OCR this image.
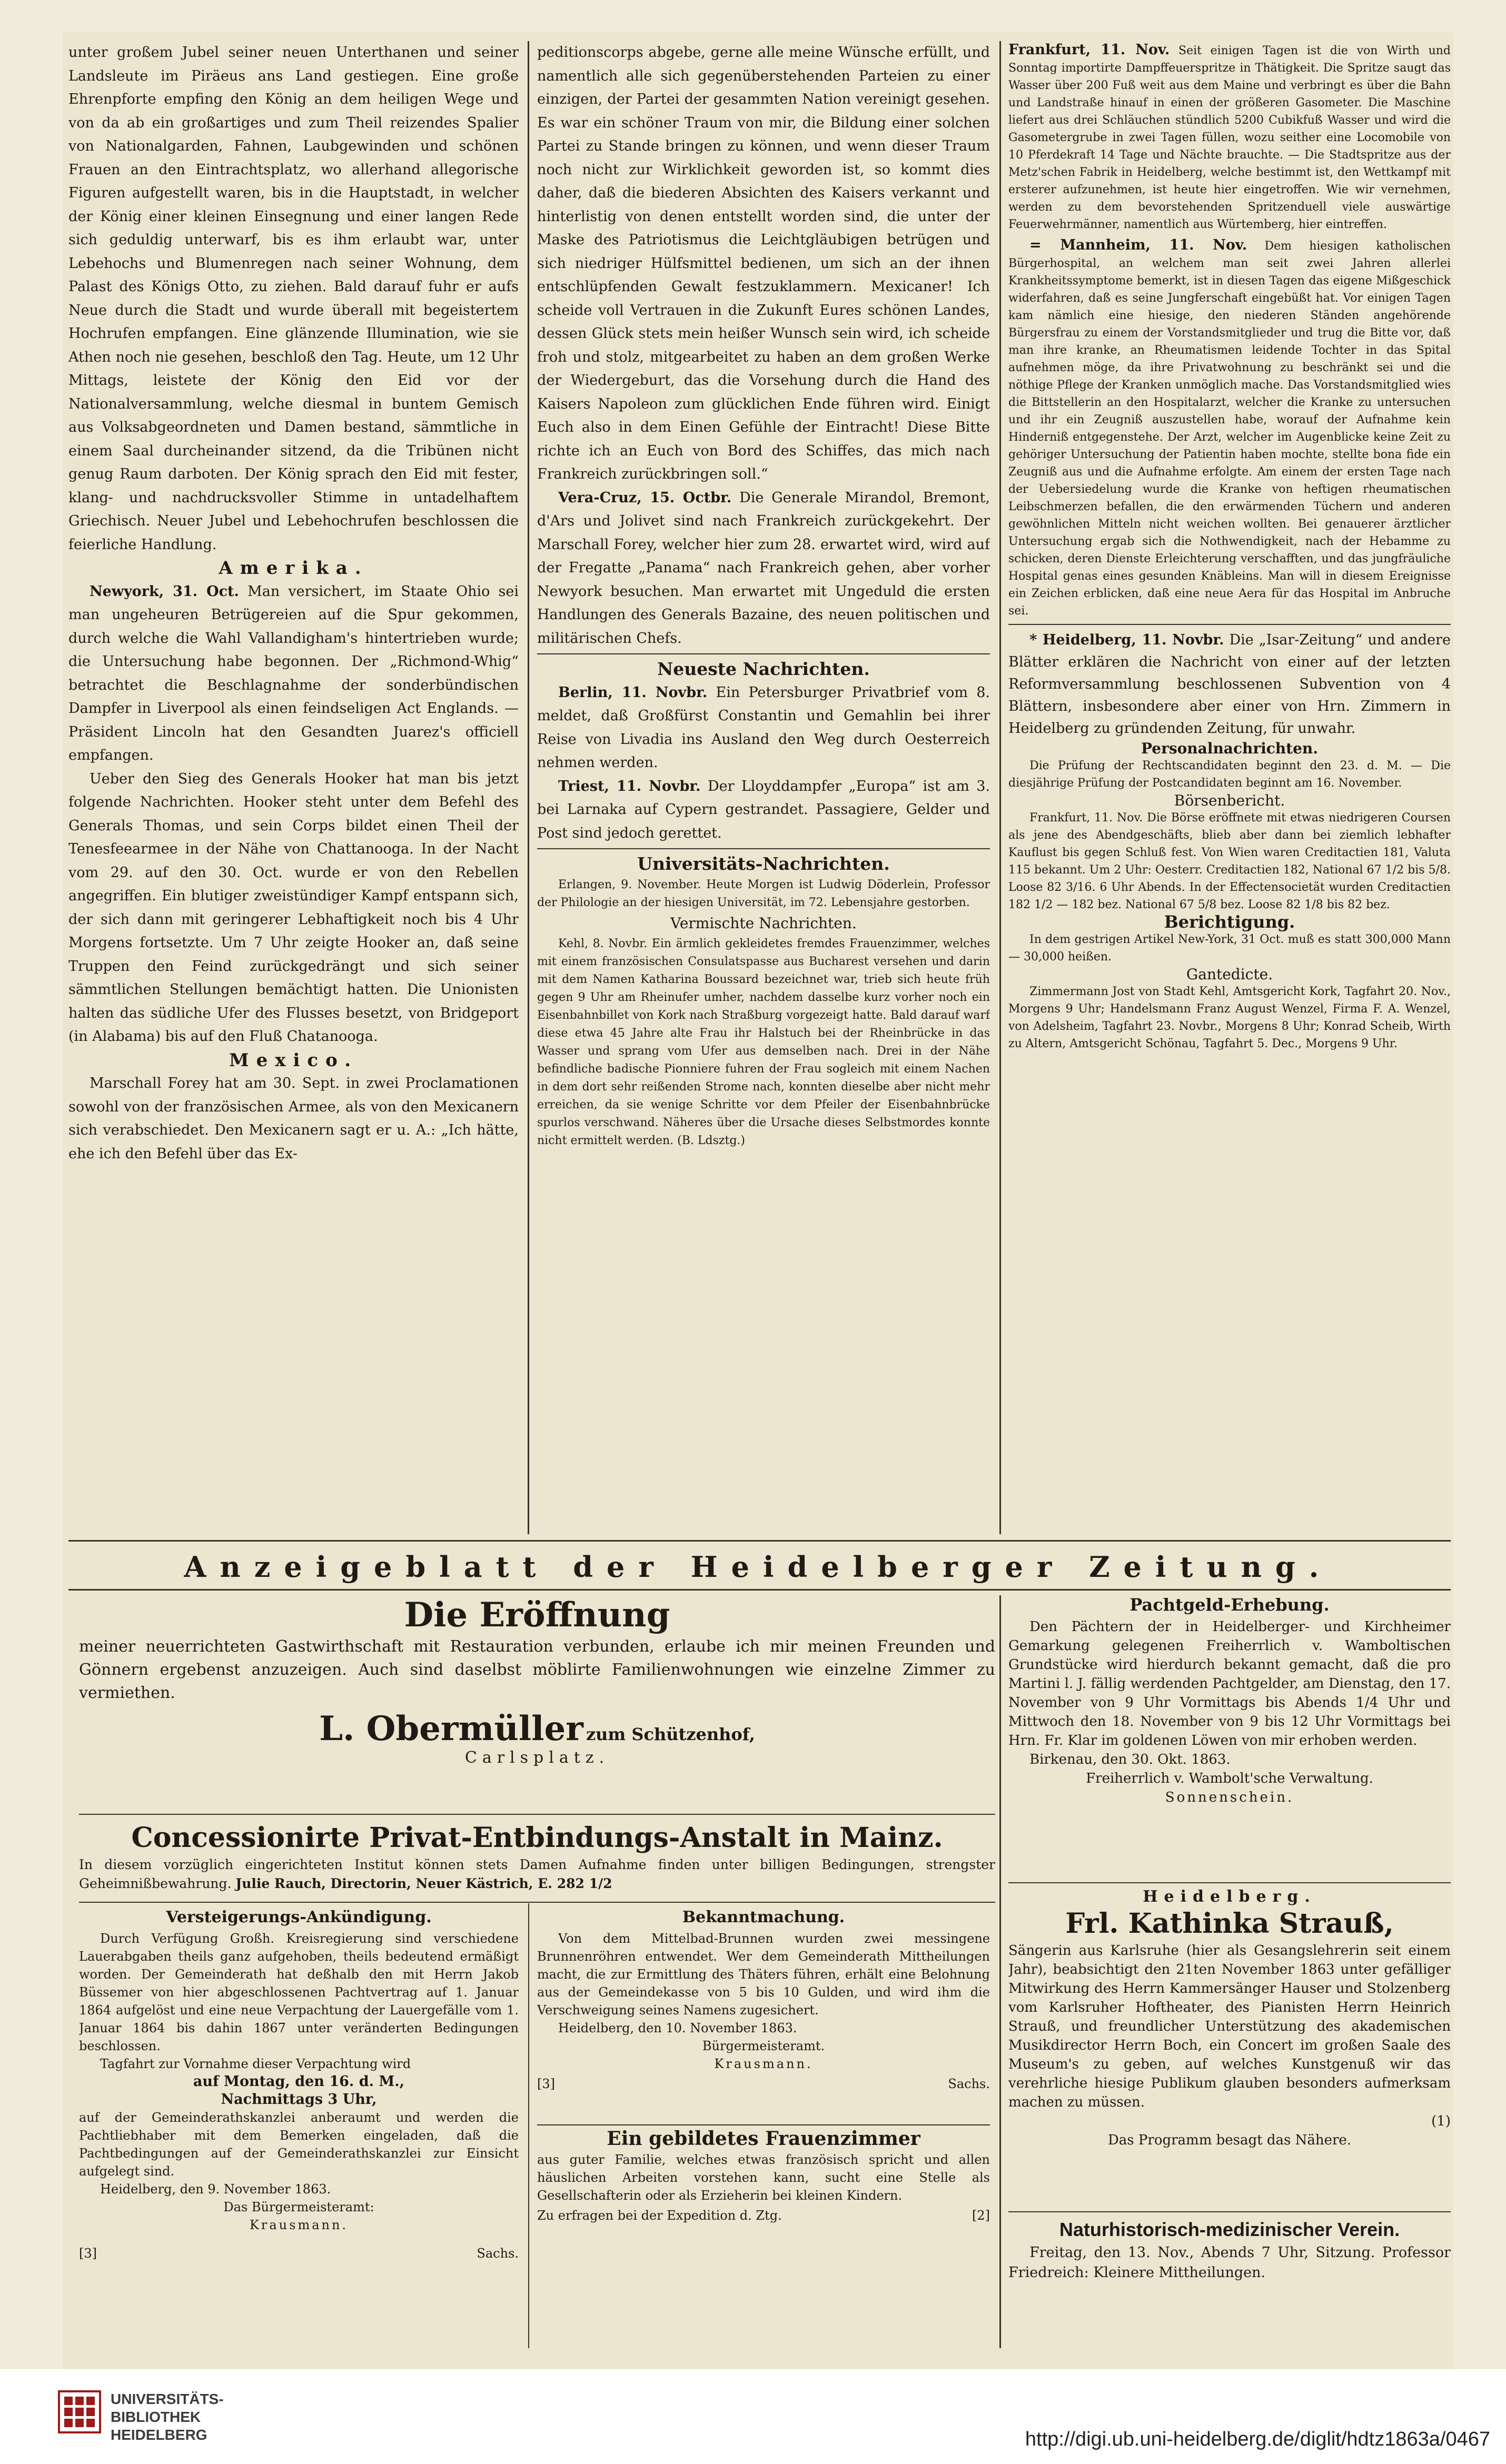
unter großem Jubel seiner neuen Unterthanen und seiner Landsleute im Piräeus ans Land gestiegen. Eine große Ehrenpforte empfing den König an dem heiligen Wege und von da ab ein großartiges und zum Theil reizendes Spalier von Nationalgarden, Fahnen, Laubgewinden und schönen Frauen an den Eintrachtsplatz, wo allerhand allegorische Figuren aufgestellt waren, bis in die Hauptstadt, in welcher der König einer kleinen Einsegnung und einer langen Rede sich geduldig unterwarf, bis es ihm erlaubt war, unter Lebehochs und Blumenregen nach seiner Wohnung, dem Palast des Königs Otto, zu ziehen. Bald darauf fuhr er aufs Neue durch die Stadt und wurde überall mit begeistertem Hochrufen empfangen. Eine glänzende Illumination, wie sie Athen noch nie gesehen, beschloß den Tag. Heute, um 12 Uhr Mittags, leistete der König den Eid vor der Nationalversammlung, welche diesmal in buntem Gemisch aus Volksabgeordneten und Damen bestand, sämmtliche in einem Saal durcheinander sitzend, da die Tribünen nicht genug Raum darboten. Der König sprach den Eid mit fester, klang- und nachdrucksvoller Stimme in untadelhaftem Griechisch. Neuer Jubel und Lebehochrufen beschlossen die feierliche Handlung.

Amerika.

Newyork, 31. Oct. Man versichert, im Staate Ohio sei man ungeheuren Betrügereien auf die Spur gekommen, durch welche die Wahl Vallandigham's hintertrieben wurde; die Untersuchung habe begonnen. Der „Richmond-Whig“ betrachtet die Beschlagnahme der sonderbündischen Dampfer in Liverpool als einen feindseligen Act Englands. — Präsident Lincoln hat den Gesandten Juarez's officiell empfangen.

Ueber den Sieg des Generals Hooker hat man bis jetzt folgende Nachrichten. Hooker steht unter dem Befehl des Generals Thomas, und sein Corps bildet einen Theil der Tenesfeearmee in der Nähe von Chattanooga. In der Nacht vom 29. auf den 30. Oct. wurde er von den Rebellen angegriffen. Ein blutiger zweistündiger Kampf entspann sich, der sich dann mit geringerer Lebhaftigkeit noch bis 4 Uhr Morgens fortsetzte. Um 7 Uhr zeigte Hooker an, daß seine Truppen den Feind zurückgedrängt und sich seiner sämmtlichen Stellungen bemächtigt hatten. Die Unionisten halten das südliche Ufer des Flusses besetzt, von Bridgeport (in Alabama) bis auf den Fluß Chatanooga.

Mexico.

Marschall Forey hat am 30. Sept. in zwei Proclamationen sowohl von der französischen Armee, als von den Mexicanern sich verabschiedet. Den Mexicanern sagt er u. A.: „Ich hätte, ehe ich den Befehl über das Ex-

peditionscorps abgebe, gerne alle meine Wünsche erfüllt, und namentlich alle sich gegenüberstehenden Parteien zu einer einzigen, der Partei der gesammten Nation vereinigt gesehen. Es war ein schöner Traum von mir, die Bildung einer solchen Partei zu Stande bringen zu können, und wenn dieser Traum noch nicht zur Wirklichkeit geworden ist, so kommt dies daher, daß die biederen Absichten des Kaisers verkannt und hinterlistig von denen entstellt worden sind, die unter der Maske des Patriotismus die Leichtgläubigen betrügen und sich niedriger Hülfsmittel bedienen, um sich an der ihnen entschlüpfenden Gewalt festzuklammern. Mexicaner! Ich scheide voll Vertrauen in die Zukunft Eures schönen Landes, dessen Glück stets mein heißer Wunsch sein wird, ich scheide froh und stolz, mitgearbeitet zu haben an dem großen Werke der Wiedergeburt, das die Vorsehung durch die Hand des Kaisers Napoleon zum glücklichen Ende führen wird. Einigt Euch also in dem Einen Gefühle der Eintracht! Diese Bitte richte ich an Euch von Bord des Schiffes, das mich nach Frankreich zurückbringen soll.“

Vera-Cruz, 15. Octbr. Die Generale Mirandol, Bremont, d'Ars und Jolivet sind nach Frankreich zurückgekehrt. Der Marschall Forey, welcher hier zum 28. erwartet wird, wird auf der Fregatte „Panama“ nach Frankreich gehen, aber vorher Newyork besuchen. Man erwartet mit Ungeduld die ersten Handlungen des Generals Bazaine, des neuen politischen und militärischen Chefs.

Neueste Nachrichten.

Berlin, 11. Novbr. Ein Petersburger Privatbrief vom 8. meldet, daß Großfürst Constantin und Gemahlin bei ihrer Reise von Livadia ins Ausland den Weg durch Oesterreich nehmen werden.

Triest, 11. Novbr. Der Lloyddampfer „Europa“ ist am 3. bei Larnaka auf Cypern gestrandet. Passagiere, Gelder und Post sind jedoch gerettet.

Universitäts-Nachrichten.

Erlangen, 9. November. Heute Morgen ist Ludwig Döderlein, Professor der Philologie an der hiesigen Universität, im 72. Lebensjahre gestorben.

Vermischte Nachrichten.

Kehl, 8. Novbr. Ein ärmlich gekleidetes fremdes Frauenzimmer, welches mit einem französischen Consulatspasse aus Bucharest versehen und darin mit dem Namen Katharina Boussard bezeichnet war, trieb sich heute früh gegen 9 Uhr am Rheinufer umher, nachdem dasselbe kurz vorher noch ein Eisenbahnbillet von Kork nach Straßburg vorgezeigt hatte. Bald darauf warf diese etwa 45 Jahre alte Frau ihr Halstuch bei der Rheinbrücke in das Wasser und sprang vom Ufer aus demselben nach. Drei in der Nähe befindliche badische Pionniere fuhren der Frau sogleich mit einem Nachen in dem dort sehr reißenden Strome nach, konnten dieselbe aber nicht mehr erreichen, da sie wenige Schritte vor dem Pfeiler der Eisenbahnbrücke spurlos verschwand. Näheres über die Ursache dieses Selbstmordes konnte nicht ermittelt werden. (B. Ldsztg.)

Frankfurt, 11. Nov. Seit einigen Tagen ist die von Wirth und Sonntag importirte Dampffeuerspritze in Thätigkeit. Die Spritze saugt das Wasser über 200 Fuß weit aus dem Maine und verbringt es über die Bahn und Landstraße hinauf in einen der größeren Gasometer. Die Maschine liefert aus drei Schläuchen stündlich 5200 Cubikfuß Wasser und wird die Gasometergrube in zwei Tagen füllen, wozu seither eine Locomobile von 10 Pferdekraft 14 Tage und Nächte brauchte. — Die Stadtspritze aus der Metz'schen Fabrik in Heidelberg, welche bestimmt ist, den Wettkampf mit ersterer aufzunehmen, ist heute hier eingetroffen. Wie wir vernehmen, werden zu dem bevorstehenden Spritzenduell viele auswärtige Feuerwehrmänner, namentlich aus Würtemberg, hier eintreffen.

= Mannheim, 11. Nov. Dem hiesigen katholischen Bürgerhospital, an welchem man seit zwei Jahren allerlei Krankheitssymptome bemerkt, ist in diesen Tagen das eigene Mißgeschick widerfahren, daß es seine Jungferschaft eingebüßt hat. Vor einigen Tagen kam nämlich eine hiesige, den niederen Ständen angehörende Bürgersfrau zu einem der Vorstandsmitglieder und trug die Bitte vor, daß man ihre kranke, an Rheumatismen leidende Tochter in das Spital aufnehmen möge, da ihre Privatwohnung zu beschränkt sei und die nöthige Pflege der Kranken unmöglich mache. Das Vorstandsmitglied wies die Bittstellerin an den Hospitalarzt, welcher die Kranke zu untersuchen und ihr ein Zeugniß auszustellen habe, worauf der Aufnahme kein Hinderniß entgegenstehe. Der Arzt, welcher im Augenblicke keine Zeit zu gehöriger Untersuchung der Patientin haben mochte, stellte bona fide ein Zeugniß aus und die Aufnahme erfolgte. Am einem der ersten Tage nach der Uebersiedelung wurde die Kranke von heftigen rheumatischen Leibschmerzen befallen, die den erwärmenden Tüchern und anderen gewöhnlichen Mitteln nicht weichen wollten. Bei genauerer ärztlicher Untersuchung ergab sich die Nothwendigkeit, nach der Hebamme zu schicken, deren Dienste Erleichterung verschafften, und das jungfräuliche Hospital genas eines gesunden Knäbleins. Man will in diesem Ereignisse ein Zeichen erblicken, daß eine neue Aera für das Hospital im Anbruche sei.

* Heidelberg, 11. Novbr. Die „Isar-Zeitung“ und andere Blätter erklären die Nachricht von einer auf der letzten Reformversammlung beschlossenen Subvention von 4 Blättern, insbesondere aber einer von Hrn. Zimmern in Heidelberg zu gründenden Zeitung, für unwahr.

Personalnachrichten.

Die Prüfung der Rechtscandidaten beginnt den 23. d. M. — Die diesjährige Prüfung der Postcandidaten beginnt am 16. November.

Börsenbericht.

Frankfurt, 11. Nov. Die Börse eröffnete mit etwas niedrigeren Coursen als jene des Abendgeschäfts, blieb aber dann bei ziemlich lebhafter Kauflust bis gegen Schluß fest. Von Wien waren Creditactien 181, Valuta 115 bekannt. Um 2 Uhr: Oesterr. Creditactien 182, National 67 1/2 bis 5/8. Loose 82 3/16. 6 Uhr Abends. In der Effectensocietät wurden Creditactien 182 1/2 — 182 bez. National 67 5/8 bez. Loose 82 1/8 bis 82 bez.

Berichtigung.

In dem gestrigen Artikel New-York, 31 Oct. muß es statt 300,000 Mann — 30,000 heißen.

Gantedicte.

Zimmermann Jost von Stadt Kehl, Amtsgericht Kork, Tagfahrt 20. Nov., Morgens 9 Uhr; Handelsmann Franz August Wenzel, Firma F. A. Wenzel, von Adelsheim, Tagfahrt 23. Novbr., Morgens 8 Uhr; Konrad Scheib, Wirth zu Altern, Amtsgericht Schönau, Tagfahrt 5. Dec., Morgens 9 Uhr.

Anzeigeblatt der Heidelberger Zeitung.
Die Eröffnung
meiner neuerrichteten Gastwirthschaft mit Restauration verbunden, erlaube ich mir meinen Freunden und Gönnern ergebenst anzuzeigen. Auch sind daselbst möblirte Familienwohnungen wie einzelne Zimmer zu vermiethen.
L. Obermüller zum Schützenhof,
Carlsplatz.
Concessionirte Privat-Entbindungs-Anstalt in Mainz.
In diesem vorzüglich eingerichteten Institut können stets Damen Aufnahme finden unter billigen Bedingungen, strengster Geheimnißbewahrung. Julie Rauch, Directorin, Neuer Kästrich, E. 282 1/2
Versteigerungs-Ankündigung.
Durch Verfügung Großh. Kreisregierung sind verschiedene Lauerabgaben theils ganz aufgehoben, theils bedeutend ermäßigt worden. Der Gemeinderath hat deßhalb den mit Herrn Jakob Büssemer von hier abgeschlossenen Pachtvertrag auf 1. Januar 1864 aufgelöst und eine neue Verpachtung der Lauergefälle vom 1. Januar 1864 bis dahin 1867 unter veränderten Bedingungen beschlossen.
Tagfahrt zur Vornahme dieser Verpachtung wird
auf Montag, den 16. d. M.,
Nachmittags 3 Uhr,
auf der Gemeinderathskanzlei anberaumt und werden die Pachtliebhaber mit dem Bemerken eingeladen, daß die Pachtbedingungen auf der Gemeinderathskanzlei zur Einsicht aufgelegt sind.
Heidelberg, den 9. November 1863.
Das Bürgermeisteramt:
Krausmann.
[3]	Sachs.
Bekanntmachung.
Von dem Mittelbad-Brunnen wurden zwei messingene Brunnenröhren entwendet. Wer dem Gemeinderath Mittheilungen macht, die zur Ermittlung des Thäters führen, erhält eine Belohnung aus der Gemeindekasse von 5 bis 10 Gulden, und wird ihm die Verschweigung seines Namens zugesichert.
Heidelberg, den 10. November 1863.
Bürgermeisteramt.
Krausmann.
[3]	Sachs.
Ein gebildetes Frauenzimmer
aus guter Familie, welches etwas französisch spricht und allen häuslichen Arbeiten vorstehen kann, sucht eine Stelle als Gesellschafterin oder als Erzieherin bei kleinen Kindern.
Zu erfragen bei der Expedition d. Ztg.	[2]
Pachtgeld-Erhebung.
Den Pächtern der in Heidelberger- und Kirchheimer Gemarkung gelegenen Freiherrlich v. Wamboltischen Grundstücke wird hierdurch bekannt gemacht, daß die pro Martini l. J. fällig werdenden Pachtgelder, am Dienstag, den 17. November von 9 Uhr Vormittags bis Abends 1/4 Uhr und Mittwoch den 18. November von 9 bis 12 Uhr Vormittags bei Hrn. Fr. Klar im goldenen Löwen von mir erhoben werden.
Birkenau, den 30. Okt. 1863.
Freiherrlich v. Wambolt'sche Verwaltung.
Sonnenschein.
Heidelberg.
Frl. Kathinka Strauß,
Sängerin aus Karlsruhe (hier als Gesangslehrerin seit einem Jahr), beabsichtigt den 21ten November 1863 unter gefälliger Mitwirkung des Herrn Kammersänger Hauser und Stolzenberg vom Karlsruher Hoftheater, des Pianisten Herrn Heinrich Strauß, und freundlicher Unterstützung des akademischen Musikdirector Herrn Boch, ein Concert im großen Saale des Museum's zu geben, auf welches Kunstgenuß wir das verehrliche hiesige Publikum glauben besonders aufmerksam machen zu müssen.
(1)
Das Programm besagt das Nähere.
Naturhistorisch-medizinischer Verein.
Freitag, den 13. Nov., Abends 7 Uhr, Sitzung. Professor Friedreich: Kleinere Mittheilungen.
UNIVERSITÄTS-
BIBLIOTHEK
HEIDELBERG	http://digi.ub.uni-heidelberg.de/diglit/hdtz1863a/0467
